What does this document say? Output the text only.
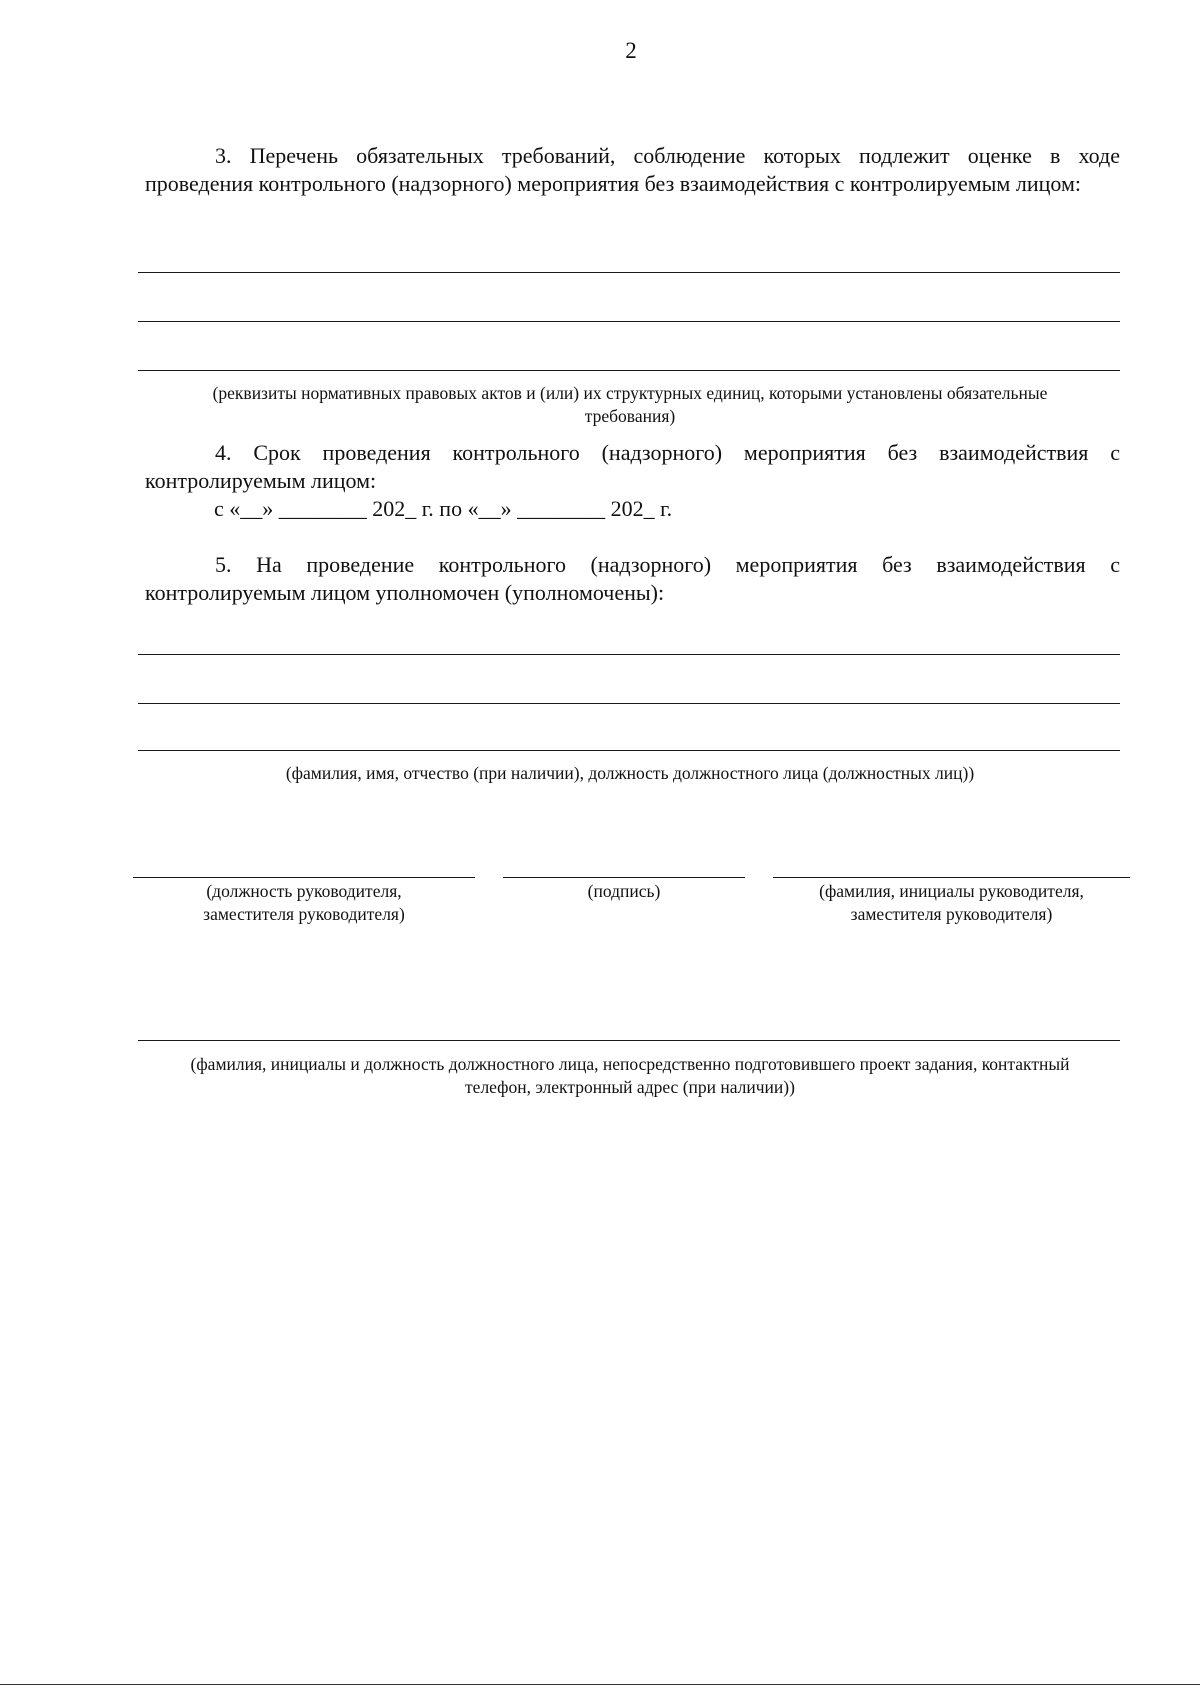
2
3. Перечень обязательных требований, соблюдение которых подлежит оценке в ходе проведения контрольного (надзорного) мероприятия без взаимодействия с контролируемым лицом:
(реквизиты нормативных правовых актов и (или) их структурных единиц, которыми установлены обязательные требования)
4. Срок проведения контрольного (надзорного) мероприятия без взаимодействия с контролируемым лицом:
с «__» ________ 202_ г. по «__» ________ 202_ г.
5. На проведение контрольного (надзорного) мероприятия без взаимодействия с контролируемым лицом уполномочен (уполномочены):
(фамилия, имя, отчество (при наличии), должность должностного лица (должностных лиц))
(должность руководителя, заместителя руководителя)
(подпись)	(фамилия, инициалы руководителя, заместителя руководителя)
(фамилия, инициалы и должность должностного лица, непосредственно подготовившего проект задания, контактный телефон, электронный адрес (при наличии))
